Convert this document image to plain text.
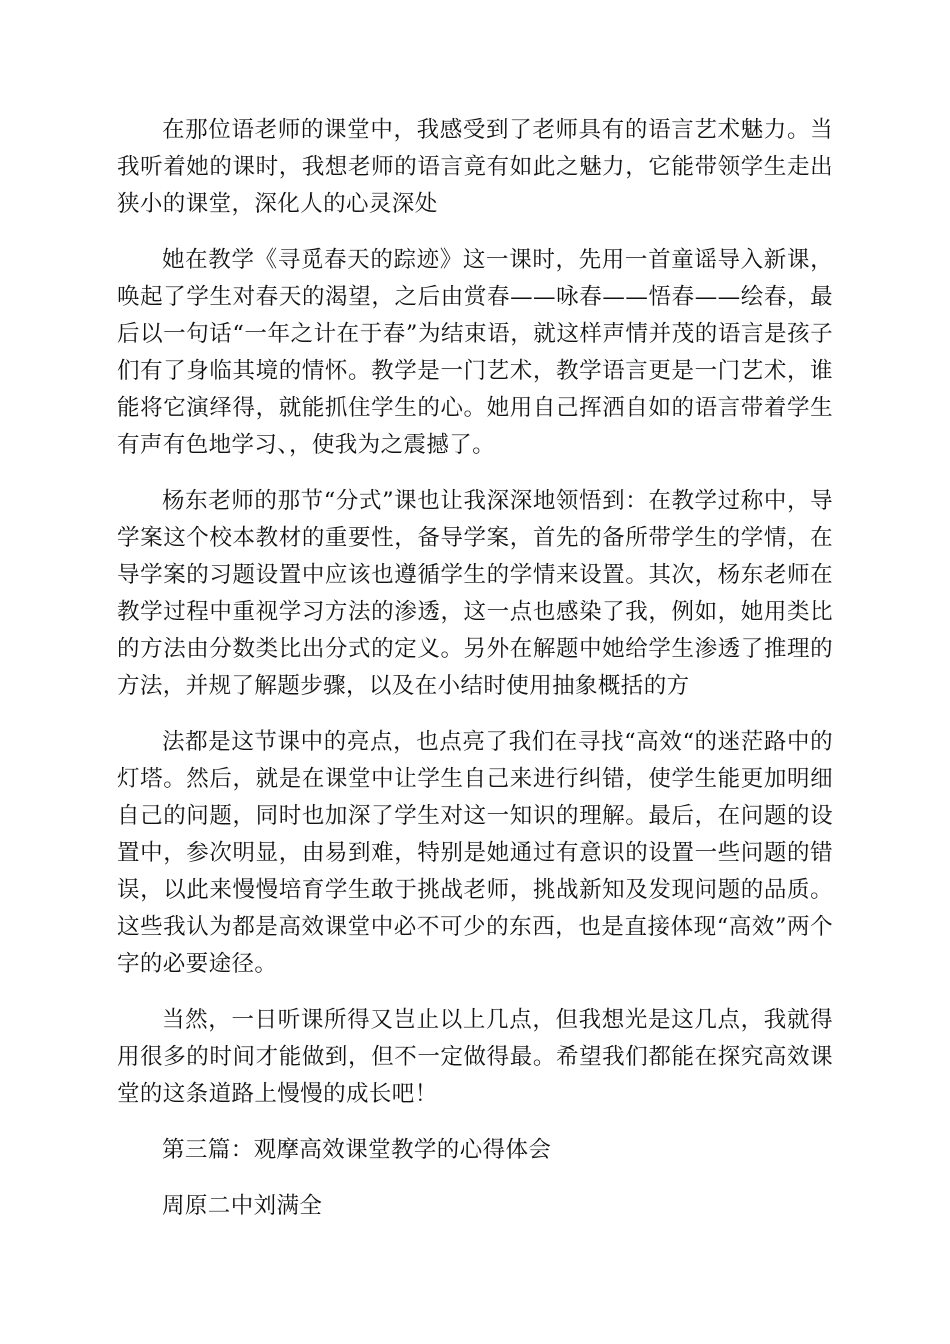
在那位语老师的课堂中，我感受到了老师具有的语言艺术魅力。当我听着她的课时，我想老师的语言竟有如此之魅力，它能带领学生走出狭小的课堂，深化人的心灵深处

她在教学《寻觅春天的踪迹》这一课时，先用一首童谣导入新课，唤起了学生对春天的渴望，之后由赏春——咏春——悟春——绘春，最后以一句话“一年之计在于春”为结束语，就这样声情并茂的语言是孩子们有了身临其境的情怀。教学是一门艺术，教学语言更是一门艺术，谁能将它演绎得，就能抓住学生的心。她用自己挥洒自如的语言带着学生有声有色地学习、，使我为之震撼了。

杨东老师的那节“分式”课也让我深深地领悟到：在教学过称中，导学案这个校本教材的重要性，备导学案，首先的备所带学生的学情，在导学案的习题设置中应该也遵循学生的学情来设置。其次，杨东老师在教学过程中重视学习方法的渗透，这一点也感染了我，例如，她用类比的方法由分数类比出分式的定义。另外在解题中她给学生渗透了推理的方法，并规了解题步骤，以及在小结时使用抽象概括的方

法都是这节课中的亮点，也点亮了我们在寻找“高效“的迷茫路中的灯塔。然后，就是在课堂中让学生自己来进行纠错，使学生能更加明细自己的问题，同时也加深了学生对这一知识的理解。最后，在问题的设置中，参次明显，由易到难，特别是她通过有意识的设置一些问题的错误，以此来慢慢培育学生敢于挑战老师，挑战新知及发现问题的品质。这些我认为都是高效课堂中必不可少的东西，也是直接体现“高效”两个字的必要途径。

当然，一日听课所得又岂止以上几点，但我想光是这几点，我就得用很多的时间才能做到，但不一定做得最。希望我们都能在探究高效课堂的这条道路上慢慢的成长吧！

第三篇：观摩高效课堂教学的心得体会

周原二中刘满全
